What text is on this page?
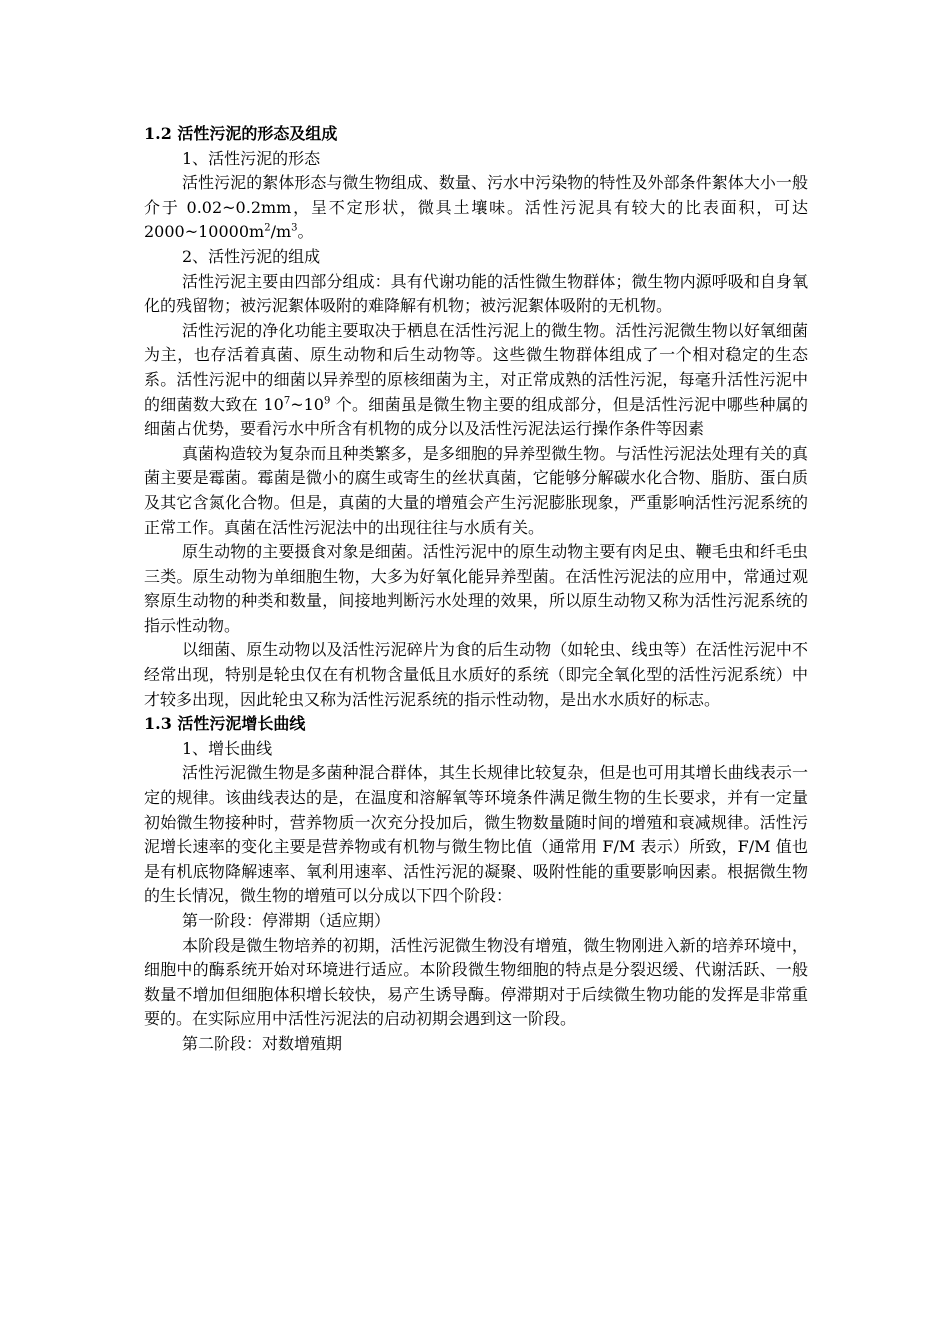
1.2 活性污泥的形态及组成

1、活性污泥的形态

活性污泥的絮体形态与微生物组成、数量、污水中污染物的特性及外部条件絮体大小一般介于 0.02~0.2mm，呈不定形状，微具土壤味。活性污泥具有较大的比表面积，可达 $2000\sim 10000m^2/m^3$。

2、活性污泥的组成

活性污泥主要由四部分组成：具有代谢功能的活性微生物群体；微生物内源呼吸和自身氧化的残留物；被污泥絮体吸附的难降解有机物；被污泥絮体吸附的无机物。

活性污泥的净化功能主要取决于栖息在活性污泥上的微生物。活性污泥微生物以好氧细菌为主，也存活着真菌、原生动物和后生动物等。这些微生物群体组成了一个相对稳定的生态系。活性污泥中的细菌以异养型的原核细菌为主，对正常成熟的活性污泥，每毫升活性污泥中的细菌数大致在 $10^7\sim 10^9$ 个。细菌虽是微生物主要的组成部分，但是活性污泥中哪些种属的细菌占优势，要看污水中所含有机物的成分以及活性污泥法运行操作条件等因素

真菌构造较为复杂而且种类繁多，是多细胞的异养型微生物。与活性污泥法处理有关的真菌主要是霉菌。霉菌是微小的腐生或寄生的丝状真菌，它能够分解碳水化合物、脂肪、蛋白质及其它含氮化合物。但是，真菌的大量的增殖会产生污泥膨胀现象，严重影响活性污泥系统的正常工作。真菌在活性污泥法中的出现往往与水质有关。

原生动物的主要摄食对象是细菌。活性污泥中的原生动物主要有肉足虫、鞭毛虫和纤毛虫三类。原生动物为单细胞生物，大多为好氧化能异养型菌。在活性污泥法的应用中，常通过观察原生动物的种类和数量，间接地判断污水处理的效果，所以原生动物又称为活性污泥系统的指示性动物。

以细菌、原生动物以及活性污泥碎片为食的后生动物（如轮虫、线虫等）在活性污泥中不经常出现，特别是轮虫仅在有机物含量低且水质好的系统（即完全氧化型的活性污泥系统）中才较多出现，因此轮虫又称为活性污泥系统的指示性动物，是出水水质好的标志。

1.3 活性污泥增长曲线

1、增长曲线

活性污泥微生物是多菌种混合群体，其生长规律比较复杂，但是也可用其增长曲线表示一定的规律。该曲线表达的是，在温度和溶解氧等环境条件满足微生物的生长要求，并有一定量初始微生物接种时，营养物质一次充分投加后，微生物数量随时间的增殖和衰减规律。活性污泥增长速率的变化主要是营养物或有机物与微生物比值（通常用 F/M 表示）所致，F/M 值也是有机底物降解速率、氧利用速率、活性污泥的凝聚、吸附性能的重要影响因素。根据微生物的生长情况，微生物的增殖可以分成以下四个阶段：

第一阶段：停滞期（适应期）

本阶段是微生物培养的初期，活性污泥微生物没有增殖，微生物刚进入新的培养环境中，细胞中的酶系统开始对环境进行适应。本阶段微生物细胞的特点是分裂迟缓、代谢活跃、一般数量不增加但细胞体积增长较快，易产生诱导酶。停滞期对于后续微生物功能的发挥是非常重要的。在实际应用中活性污泥法的启动初期会遇到这一阶段。

第二阶段：对数增殖期
